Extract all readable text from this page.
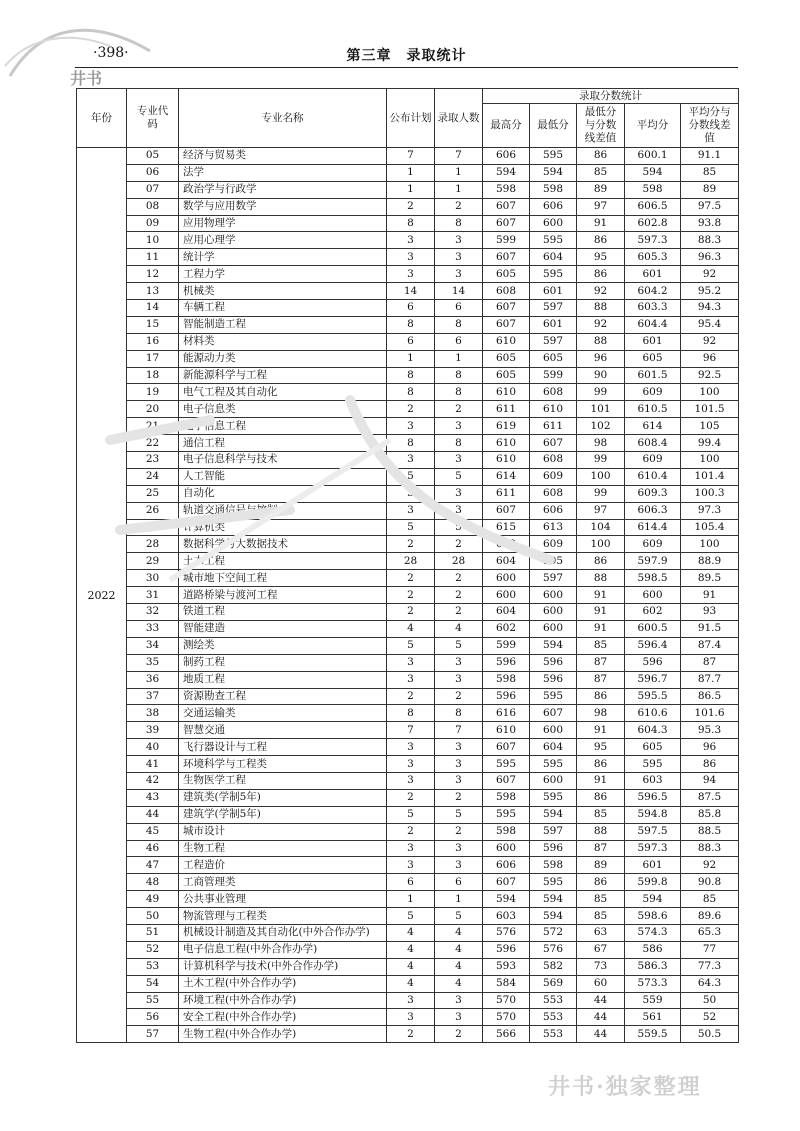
·398·	第三章　录取统计
井书
年份	专业代码	专业名称	公布计划	录取人数	录取分数统计				
					最高分	最低分	最低分与分数线差值	平均分	平均分与分数线差值
2022	05	经济与贸易类	7	7	606	595	86	600.1	91.1
	06	法学	1	1	594	594	85	594	85
	07	政治学与行政学	1	1	598	598	89	598	89
	08	数学与应用数学	2	2	607	606	97	606.5	97.5
	09	应用物理学	8	8	607	600	91	602.8	93.8
	10	应用心理学	3	3	599	595	86	597.3	88.3
	11	统计学	3	3	607	604	95	605.3	96.3
	12	工程力学	3	3	605	595	86	601	92
	13	机械类	14	14	608	601	92	604.2	95.2
	14	车辆工程	6	6	607	597	88	603.3	94.3
	15	智能制造工程	8	8	607	601	92	604.4	95.4
	16	材料类	6	6	610	597	88	601	92
	17	能源动力类	1	1	605	605	96	605	96
	18	新能源科学与工程	8	8	605	599	90	601.5	92.5
	19	电气工程及其自动化	8	8	610	608	99	609	100
	20	电子信息类	2	2	611	610	101	610.5	101.5
	21	电子信息工程	3	3	619	611	102	614	105
	22	通信工程	8	8	610	607	98	608.4	99.4
	23	电子信息科学与技术	3	3	610	608	99	609	100
	24	人工智能	5	5	614	609	100	610.4	101.4
	25	自动化	3	3	611	608	99	609.3	100.3
	26	轨道交通信号与控制	3	3	607	606	97	606.3	97.3
	27	计算机类	5	5	615	613	104	614.4	105.4
	28	数据科学与大数据技术	2	2	609	609	100	609	100
	29	土木工程	28	28	604	595	86	597.9	88.9
	30	城市地下空间工程	2	2	600	597	88	598.5	89.5
	31	道路桥梁与渡河工程	2	2	600	600	91	600	91
	32	铁道工程	2	2	604	600	91	602	93
	33	智能建造	4	4	602	600	91	600.5	91.5
	34	测绘类	5	5	599	594	85	596.4	87.4
	35	制药工程	3	3	596	596	87	596	87
	36	地质工程	3	3	598	596	87	596.7	87.7
	37	资源勘查工程	2	2	596	595	86	595.5	86.5
	38	交通运输类	8	8	616	607	98	610.6	101.6
	39	智慧交通	7	7	610	600	91	604.3	95.3
	40	飞行器设计与工程	3	3	607	604	95	605	96
	41	环境科学与工程类	3	3	595	595	86	595	86
	42	生物医学工程	3	3	607	600	91	603	94
	43	建筑类(学制5年)	2	2	598	595	86	596.5	87.5
	44	建筑学(学制5年)	5	5	595	594	85	594.8	85.8
	45	城市设计	2	2	598	597	88	597.5	88.5
	46	生物工程	3	3	600	596	87	597.3	88.3
	47	工程造价	3	3	606	598	89	601	92
	48	工商管理类	6	6	607	595	86	599.8	90.8
	49	公共事业管理	1	1	594	594	85	594	85
	50	物流管理与工程类	5	5	603	594	85	598.6	89.6
	51	机械设计制造及其自动化(中外合作办学)	4	4	576	572	63	574.3	65.3
	52	电子信息工程(中外合作办学)	4	4	596	576	67	586	77
	53	计算机科学与技术(中外合作办学)	4	4	593	582	73	586.3	77.3
	54	土木工程(中外合作办学)	4	4	584	569	60	573.3	64.3
	55	环境工程(中外合作办学)	3	3	570	553	44	559	50
	56	安全工程(中外合作办学)	3	3	570	553	44	561	52
	57	生物工程(中外合作办学)	2	2	566	553	44	559.5	50.5
井书·独家整理
